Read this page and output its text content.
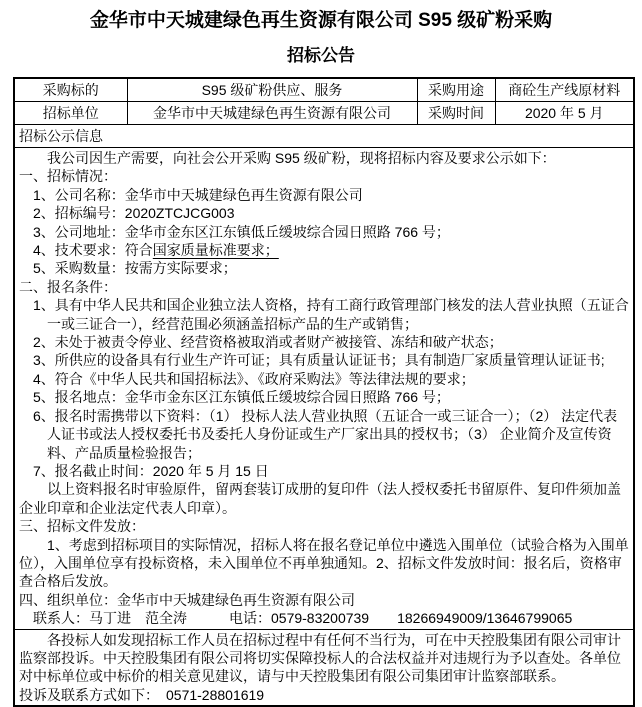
金华市中天城建绿色再生资源有限公司 S95 级矿粉采购
招标公告
采购标的	S95 级矿粉供应、服务	采购用途	商砼生产线原材料
招标单位	金华市中天城建绿色再生资源有限公司	采购时间	2020 年 5 月
招标公示信息			

我公司因生产需要，向社会公开采购 S95 级矿粉，现将招标内容及要求公示如下：

一、招标情况：

1、公司名称：金华市中天城建绿色再生资源有限公司

2、招标编号：2020ZTCJCG003

3、公司地址：金华市金东区江东镇低丘缓坡综合园日照路 766 号；

4、技术要求：符合国家质量标准要求；

5、采购数量：按需方实际要求；

二、报名条件：

1、具有中华人民共和国企业独立法人资格，持有工商行政管理部门核发的法人营业执照（五证合一或三证合一），经营范围必须涵盖招标产品的生产或销售；

2、未处于被责令停业、经营资格被取消或者财产被接管、冻结和破产状态；

3、所供应的设备具有行业生产许可证；具有质量认证证书；具有制造厂家质量管理认证证书;

4、符合《中华人民共和国招标法》、《政府采购法》等法律法规的要求；

5、报名地点：金华市金东区江东镇低丘缓坡综合园日照路 766 号；

6、报名时需携带以下资料：（1） 投标人法人营业执照（五证合一或三证合一）；（2） 法定代表人证书或法人授权委托书及委托人身份证或生产厂家出具的授权书；（3） 企业简介及宣传资料、产品质量检验报告；

7、报名截止时间：2020 年 5 月 15 日

以上资料报名时审验原件，留两套装订成册的复印件（法人授权委托书留原件、复印件须加盖企业印章和企业法定代表人印章）。

三、招标文件发放：

1、考虑到招标项目的实际情况，招标人将在报名登记单位中遴选入围单位（试验合格为入围单位），入围单位享有投标资格，未入围单位不再单独通知。2、招标文件发放时间：报名后，资格审查合格后发放。

四、组织单位：金华市中天城建绿色再生资源有限公司

联系人：马丁进　范全涛　　　电话：0579-83200739　　18266949009/13646799065

各投标人如发现招标工作人员在招标过程中有任何不当行为，可在中天控股集团有限公司审计监察部投诉。中天控股集团有限公司将切实保障投标人的合法权益并对违规行为予以查处。各单位对中标单位或中标价的相关意见建议，请与中天控股集团有限公司集团审计监察部联系。

投诉及联系方式如下：　0571-28801619			
